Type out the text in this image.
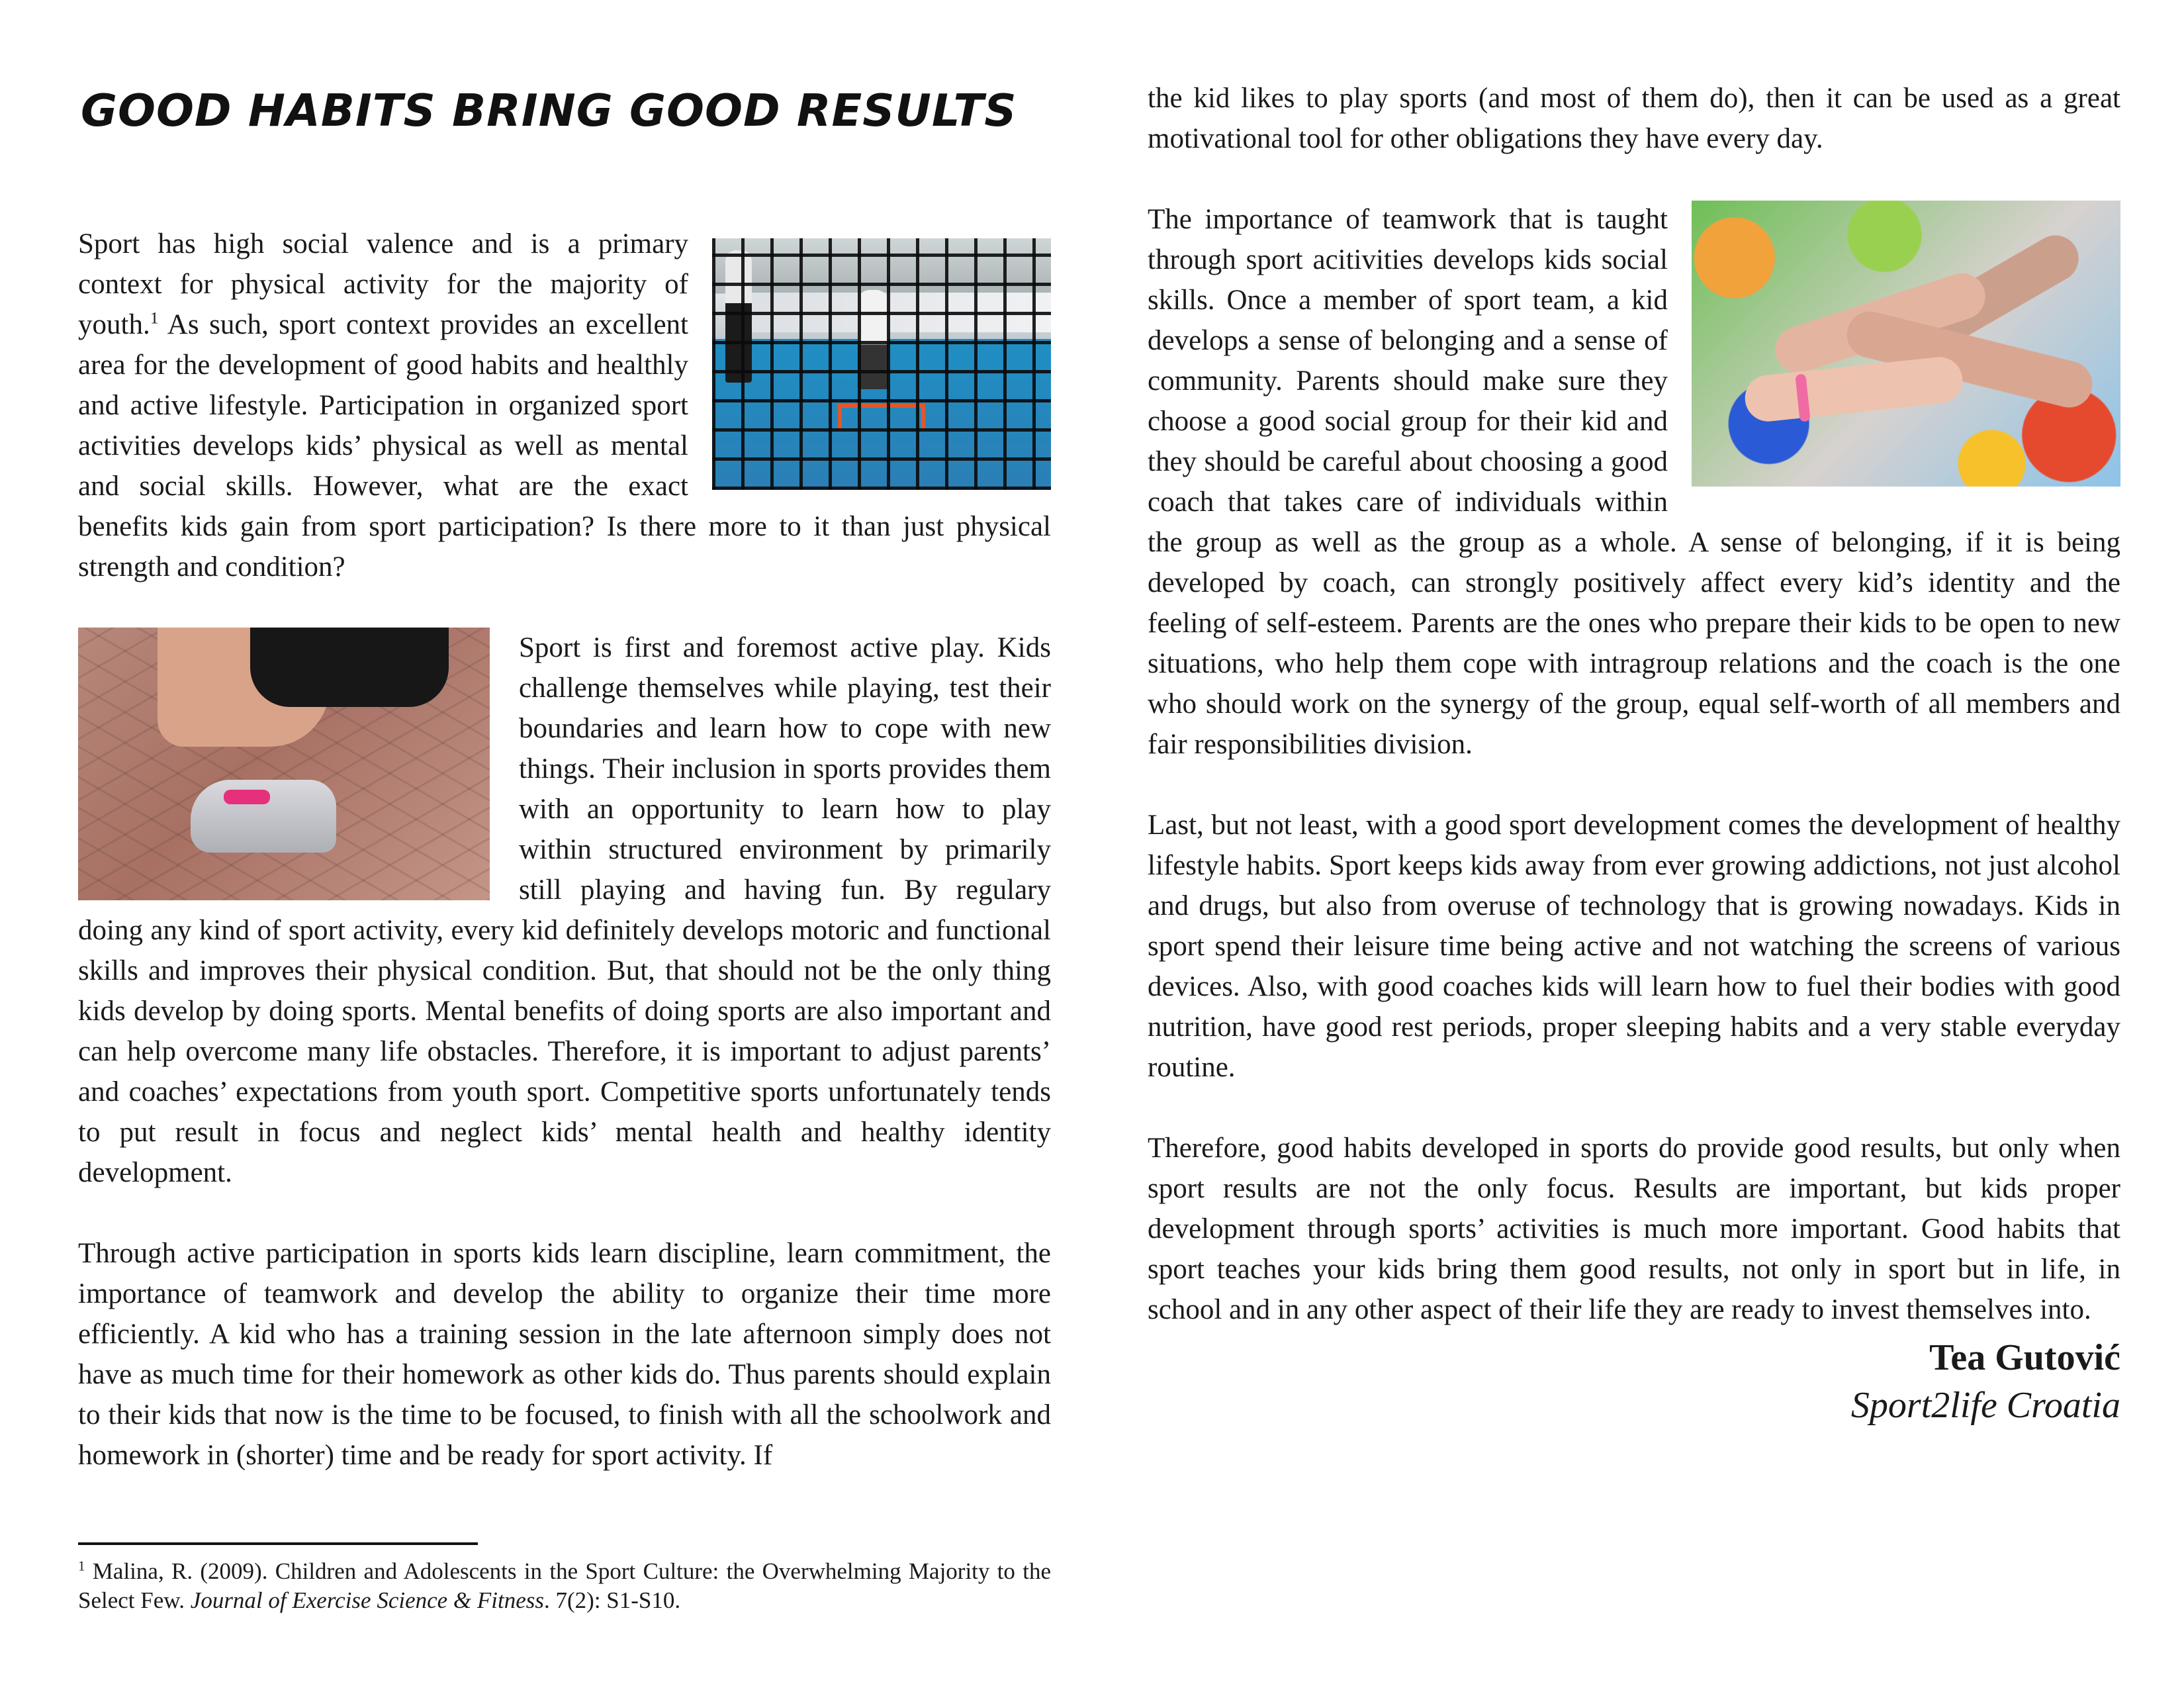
GOOD HABITS BRING GOOD RESULTS

Sport has high social valence and is a primary context for physical activity for the majority of youth.$^1$ As such, sport context provides an excellent area for the development of good habits and healthly and active lifestyle. Participation in organized sport activities develops kids’ physical as well as mental and social skills. However, what are the exact benefits kids gain from sport participation? Is there more to it than just physical strength and condition?

Sport is first and foremost active play. Kids challenge themselves while playing, test their boundaries and learn how to cope with new things. Their inclusion in sports provides them with an opportunity to learn how to play within structured environment by primarily still playing and having fun. By regulary doing any kind of sport activity, every kid definitely develops motoric and functional skills and improves their physical condition. But, that should not be the only thing kids develop by doing sports. Mental benefits of doing sports are also important and can help overcome many life obstacles. Therefore, it is important to adjust parents’ and coaches’ expectations from youth sport. Competitive sports unfortunately tends to put result in focus and neglect kids’ mental health and healthy identity development.

Through active participation in sports kids learn discipline, learn commitment, the importance of teamwork and develop the ability to organize their time more efficiently. A kid who has a training session in the late afternoon simply does not have as much time for their homework as other kids do. Thus parents should explain to their kids that now is the time to be focused, to finish with all the schoolwork and homework in (shorter) time and be ready for sport activity. If

the kid likes to play sports (and most of them do), then it can be used as a great motivational tool for other obligations they have every day.

The importance of teamwork that is taught through sport acitivities develops kids social skills. Once a member of sport team, a kid develops a sense of belonging and a sense of community. Parents should make sure they choose a good social group for their kid and they should be careful about choosing a good coach that takes care of individuals within the group as well as the group as a whole. A sense of belonging, if it is being developed by coach, can strongly positively affect every kid’s identity and the feeling of self-esteem. Parents are the ones who prepare their kids to be open to new situations, who help them cope with intragroup relations and the coach is the one who should work on the synergy of the group, equal self-worth of all members and fair responsibilities division.

Last, but not least, with a good sport development comes the development of healthy lifestyle habits. Sport keeps kids away from ever growing addictions, not just alcohol and drugs, but also from overuse of technology that is growing nowadays. Kids in sport spend their leisure time being active and not watching the screens of various devices. Also, with good coaches kids will learn how to fuel their bodies with good nutrition, have good rest periods, proper sleeping habits and a very stable everyday routine.

Therefore, good habits developed in sports do provide good results, but only when sport results are not the only focus. Results are important, but kids proper development through sports’ activities is much more important. Good habits that sport teaches your kids bring them good results, not only in sport but in life, in school and in any other aspect of their life they are ready to invest themselves into.

Tea Gutović
Sport2life Croatia
$^1$ Malina, R. (2009). Children and Adolescents in the Sport Culture: the Overwhelming Majority to the Select Few. Journal of Exercise Science & Fitness. 7(2): S1-S10.
